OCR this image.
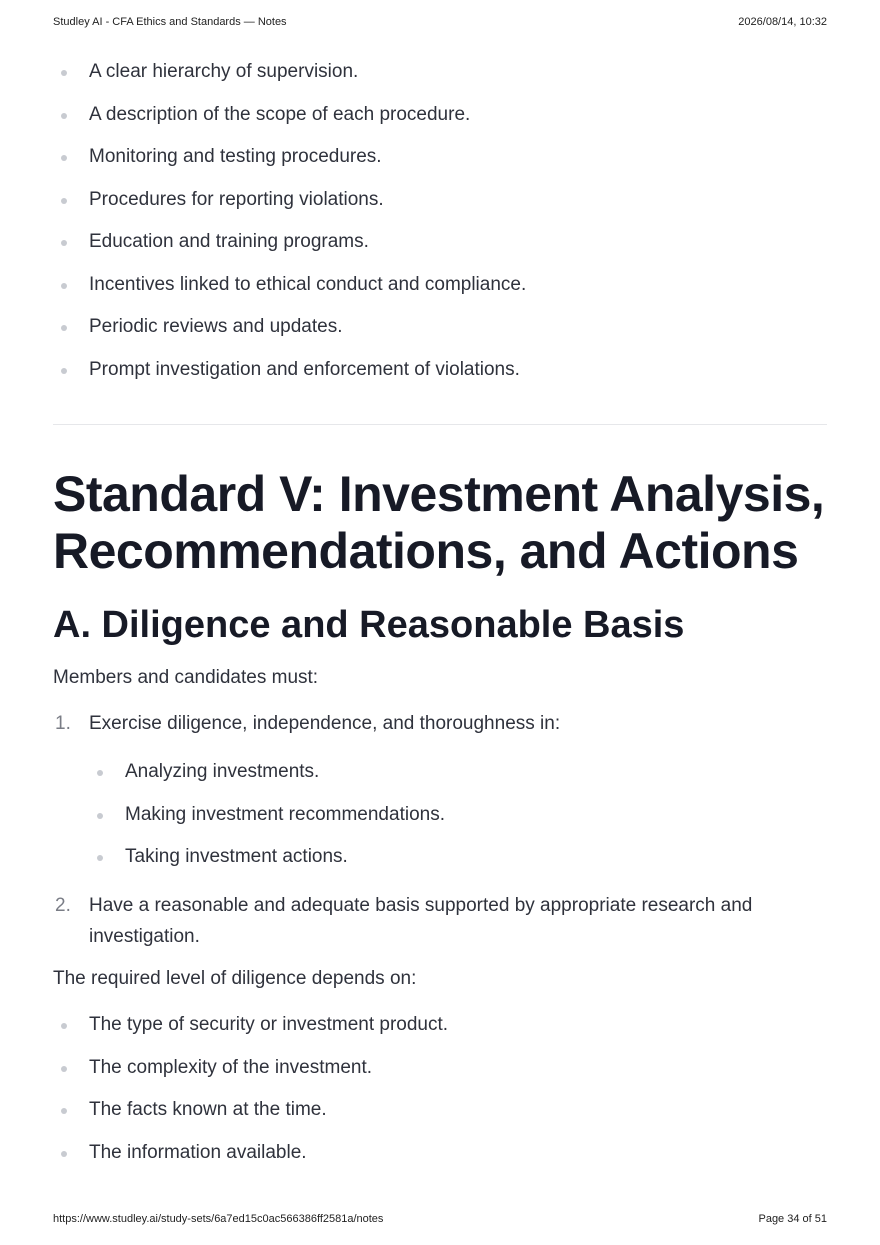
Studley AI - CFA Ethics and Standards — Notes	2026/08/14, 10:32
A clear hierarchy of supervision.
A description of the scope of each procedure.
Monitoring and testing procedures.
Procedures for reporting violations.
Education and training programs.
Incentives linked to ethical conduct and compliance.
Periodic reviews and updates.
Prompt investigation and enforcement of violations.
Standard V: Investment Analysis, Recommendations, and Actions
A. Diligence and Reasonable Basis
Members and candidates must:
1. Exercise diligence, independence, and thoroughness in:
Analyzing investments.
Making investment recommendations.
Taking investment actions.
2. Have a reasonable and adequate basis supported by appropriate research and investigation.
The required level of diligence depends on:
The type of security or investment product.
The complexity of the investment.
The facts known at the time.
The information available.
https://www.studley.ai/study-sets/6a7ed15c0ac566386ff2581a/notes	Page 34 of 51
